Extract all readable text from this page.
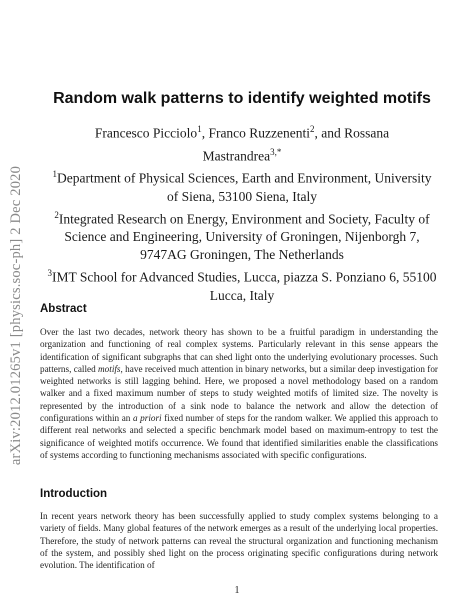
arXiv:2012.01265v1 [physics.soc-ph] 2 Dec 2020
Random walk patterns to identify weighted motifs
Francesco Picciolo$^1$, Franco Ruzzenenti$^2$, and Rossana
Mastrandrea$^{3,*}$

$^1$Department of Physical Sciences, Earth and Environment, University of Siena, 53100 Siena, Italy

$^2$Integrated Research on Energy, Environment and Society, Faculty of Science and Engineering, University of Groningen, Nijenborgh 7, 9747AG Groningen, The Netherlands

$^3$IMT School for Advanced Studies, Lucca, piazza S. Ponziano 6, 55100 Lucca, Italy

Abstract
Over the last two decades, network theory has shown to be a fruitful paradigm in understanding the organization and functioning of real complex systems. Particularly relevant in this sense appears the identification of significant subgraphs that can shed light onto the underlying evolutionary processes. Such patterns, called motifs, have received much attention in binary networks, but a similar deep investigation for weighted networks is still lagging behind. Here, we proposed a novel methodology based on a random walker and a fixed maximum number of steps to study weighted motifs of limited size. The novelty is represented by the introduction of a sink node to balance the network and allow the detection of configurations within an a priori fixed number of steps for the random walker. We applied this approach to different real networks and selected a specific benchmark model based on maximum-entropy to test the significance of weighted motifs occurrence. We found that identified similarities enable the classifications of systems according to functioning mechanisms associated with specific configurations.
Introduction
In recent years network theory has been successfully applied to study complex systems belonging to a variety of fields. Many global features of the network emerges as a result of the underlying local properties. Therefore, the study of network patterns can reveal the structural organization and functioning mechanism of the system, and possibly shed light on the process originating specific configurations during network evolution. The identification of
1
